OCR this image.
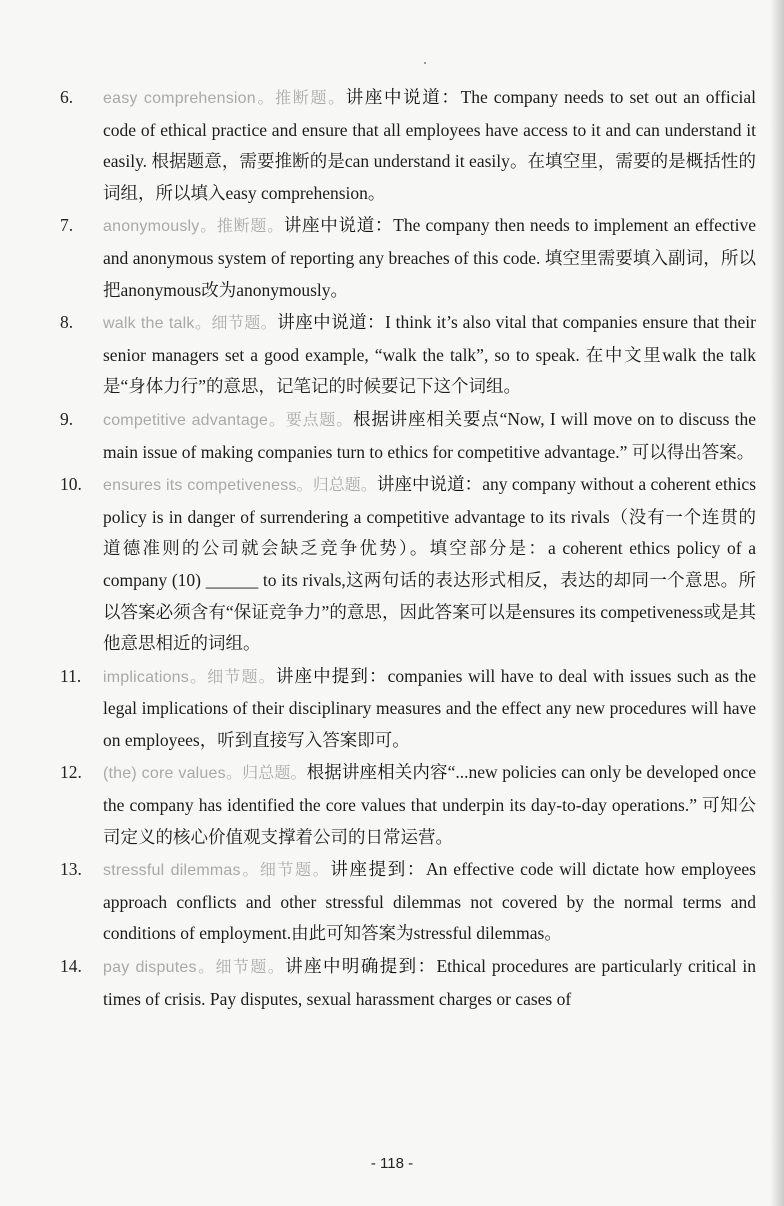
6. easy comprehension。推断题。讲座中说道：The company needs to set out an official code of ethical practice and ensure that all employees have access to it and can understand it easily. 根据题意，需要推断的是can understand it easily。在填空里，需要的是概括性的词组，所以填入easy comprehension。
7. anonymously。推断题。讲座中说道：The company then needs to implement an effective and anonymous system of reporting any breaches of this code. 填空里需要填入副词，所以把anonymous改为anonymously。
8. walk the talk。细节题。讲座中说道：I think it’s also vital that companies ensure that their senior managers set a good example, “walk the talk”, so to speak. 在中文里walk the talk是“身体力行”的意思，记笔记的时候要记下这个词组。
9. competitive advantage。要点题。根据讲座相关要点“Now, I will move on to discuss the main issue of making companies turn to ethics for competitive advantage.” 可以得出答案。
10. ensures its competiveness。归总题。讲座中说道：any company without a coherent ethics policy is in danger of surrendering a competitive advantage to its rivals（没有一个连贯的道德准则的公司就会缺乏竞争优势）。填空部分是：a coherent ethics policy of a company (10) ______ to its rivals,这两句话的表达形式相反，表达的却同一个意思。所以答案必须含有“保证竞争力”的意思，因此答案可以是ensures its competiveness或是其他意思相近的词组。
11. implications。细节题。讲座中提到：companies will have to deal with issues such as the legal implications of their disciplinary measures and the effect any new procedures will have on employees，听到直接写入答案即可。
12. (the) core values。归总题。根据讲座相关内容“...new policies can only be developed once the company has identified the core values that underpin its day-to-day operations.” 可知公司定义的核心价值观支撑着公司的日常运营。
13. stressful dilemmas。细节题。讲座提到：An effective code will dictate how employees approach conflicts and other stressful dilemmas not covered by the normal terms and conditions of employment.由此可知答案为stressful dilemmas。
14. pay disputes。细节题。讲座中明确提到：Ethical procedures are particularly critical in times of crisis. Pay disputes, sexual harassment charges or cases of
- 118 -
